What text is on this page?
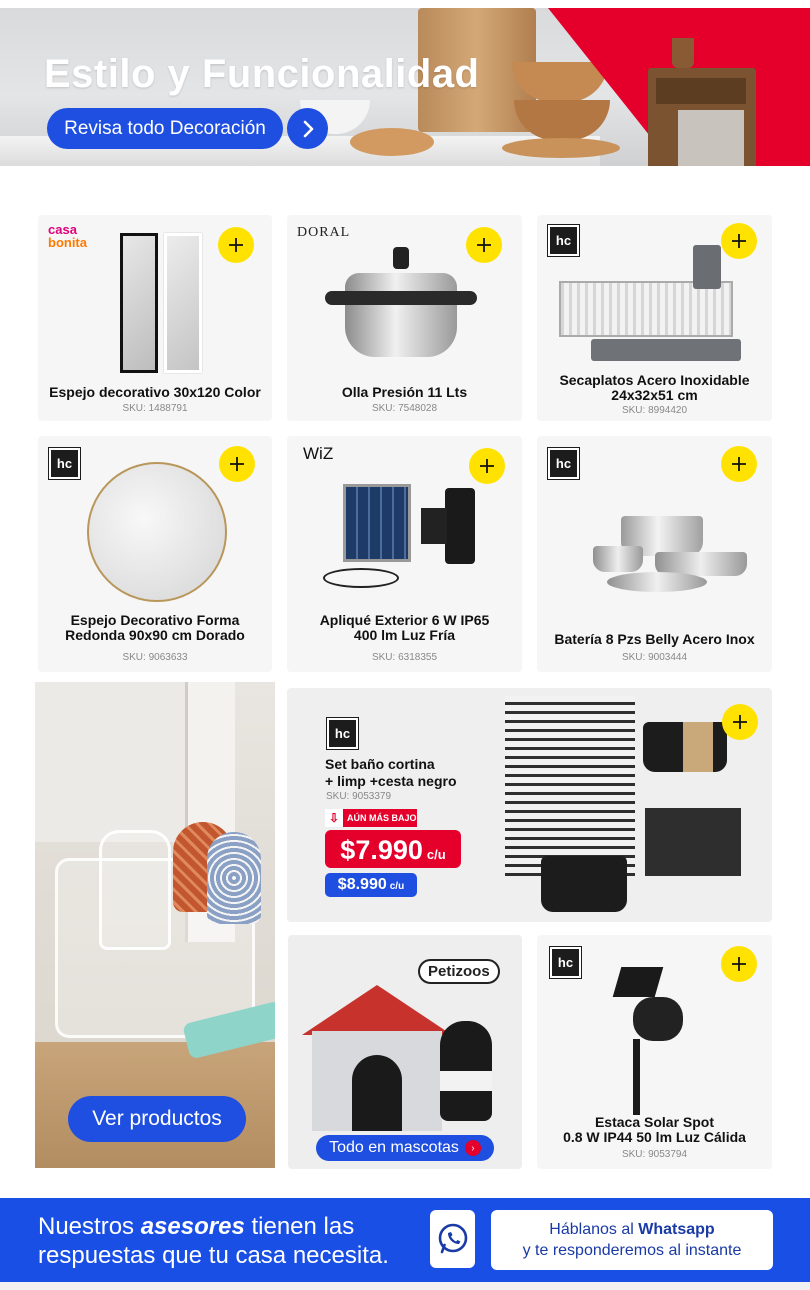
Estilo y Funcionalidad
Revisa todo Decoración
casa
bonita
Espejo decorativo 30x120 Color
SKU: 1488791
DORAL
Olla Presión 11 Lts
SKU: 7548028
hc
Secaplatos Acero Inoxidable 24x32x51 cm
SKU: 8994420
hc
Espejo Decorativo Forma Redonda 90x90 cm Dorado
SKU: 9063633
WiZ
Apliqué Exterior 6 W IP65 400 lm Luz Fría
SKU: 6318355
hc
Batería 8 Pzs Belly Acero Inox
SKU: 9003444
Ver productos
hc
Set baño cortina
+ limp +cesta negro
SKU: 9053379
⇩ AÚN MÁS BAJO
$7.990 c/u
$8.990 c/u
Petizoos
Todo en mascotas	›
hc
Estaca Solar Spot
0.8 W IP44 50 lm Luz Cálida
SKU: 9053794
Nuestros asesores tienen las
respuestas que tu casa necesita.
Háblanos al Whatsapp
y te responderemos al instante
